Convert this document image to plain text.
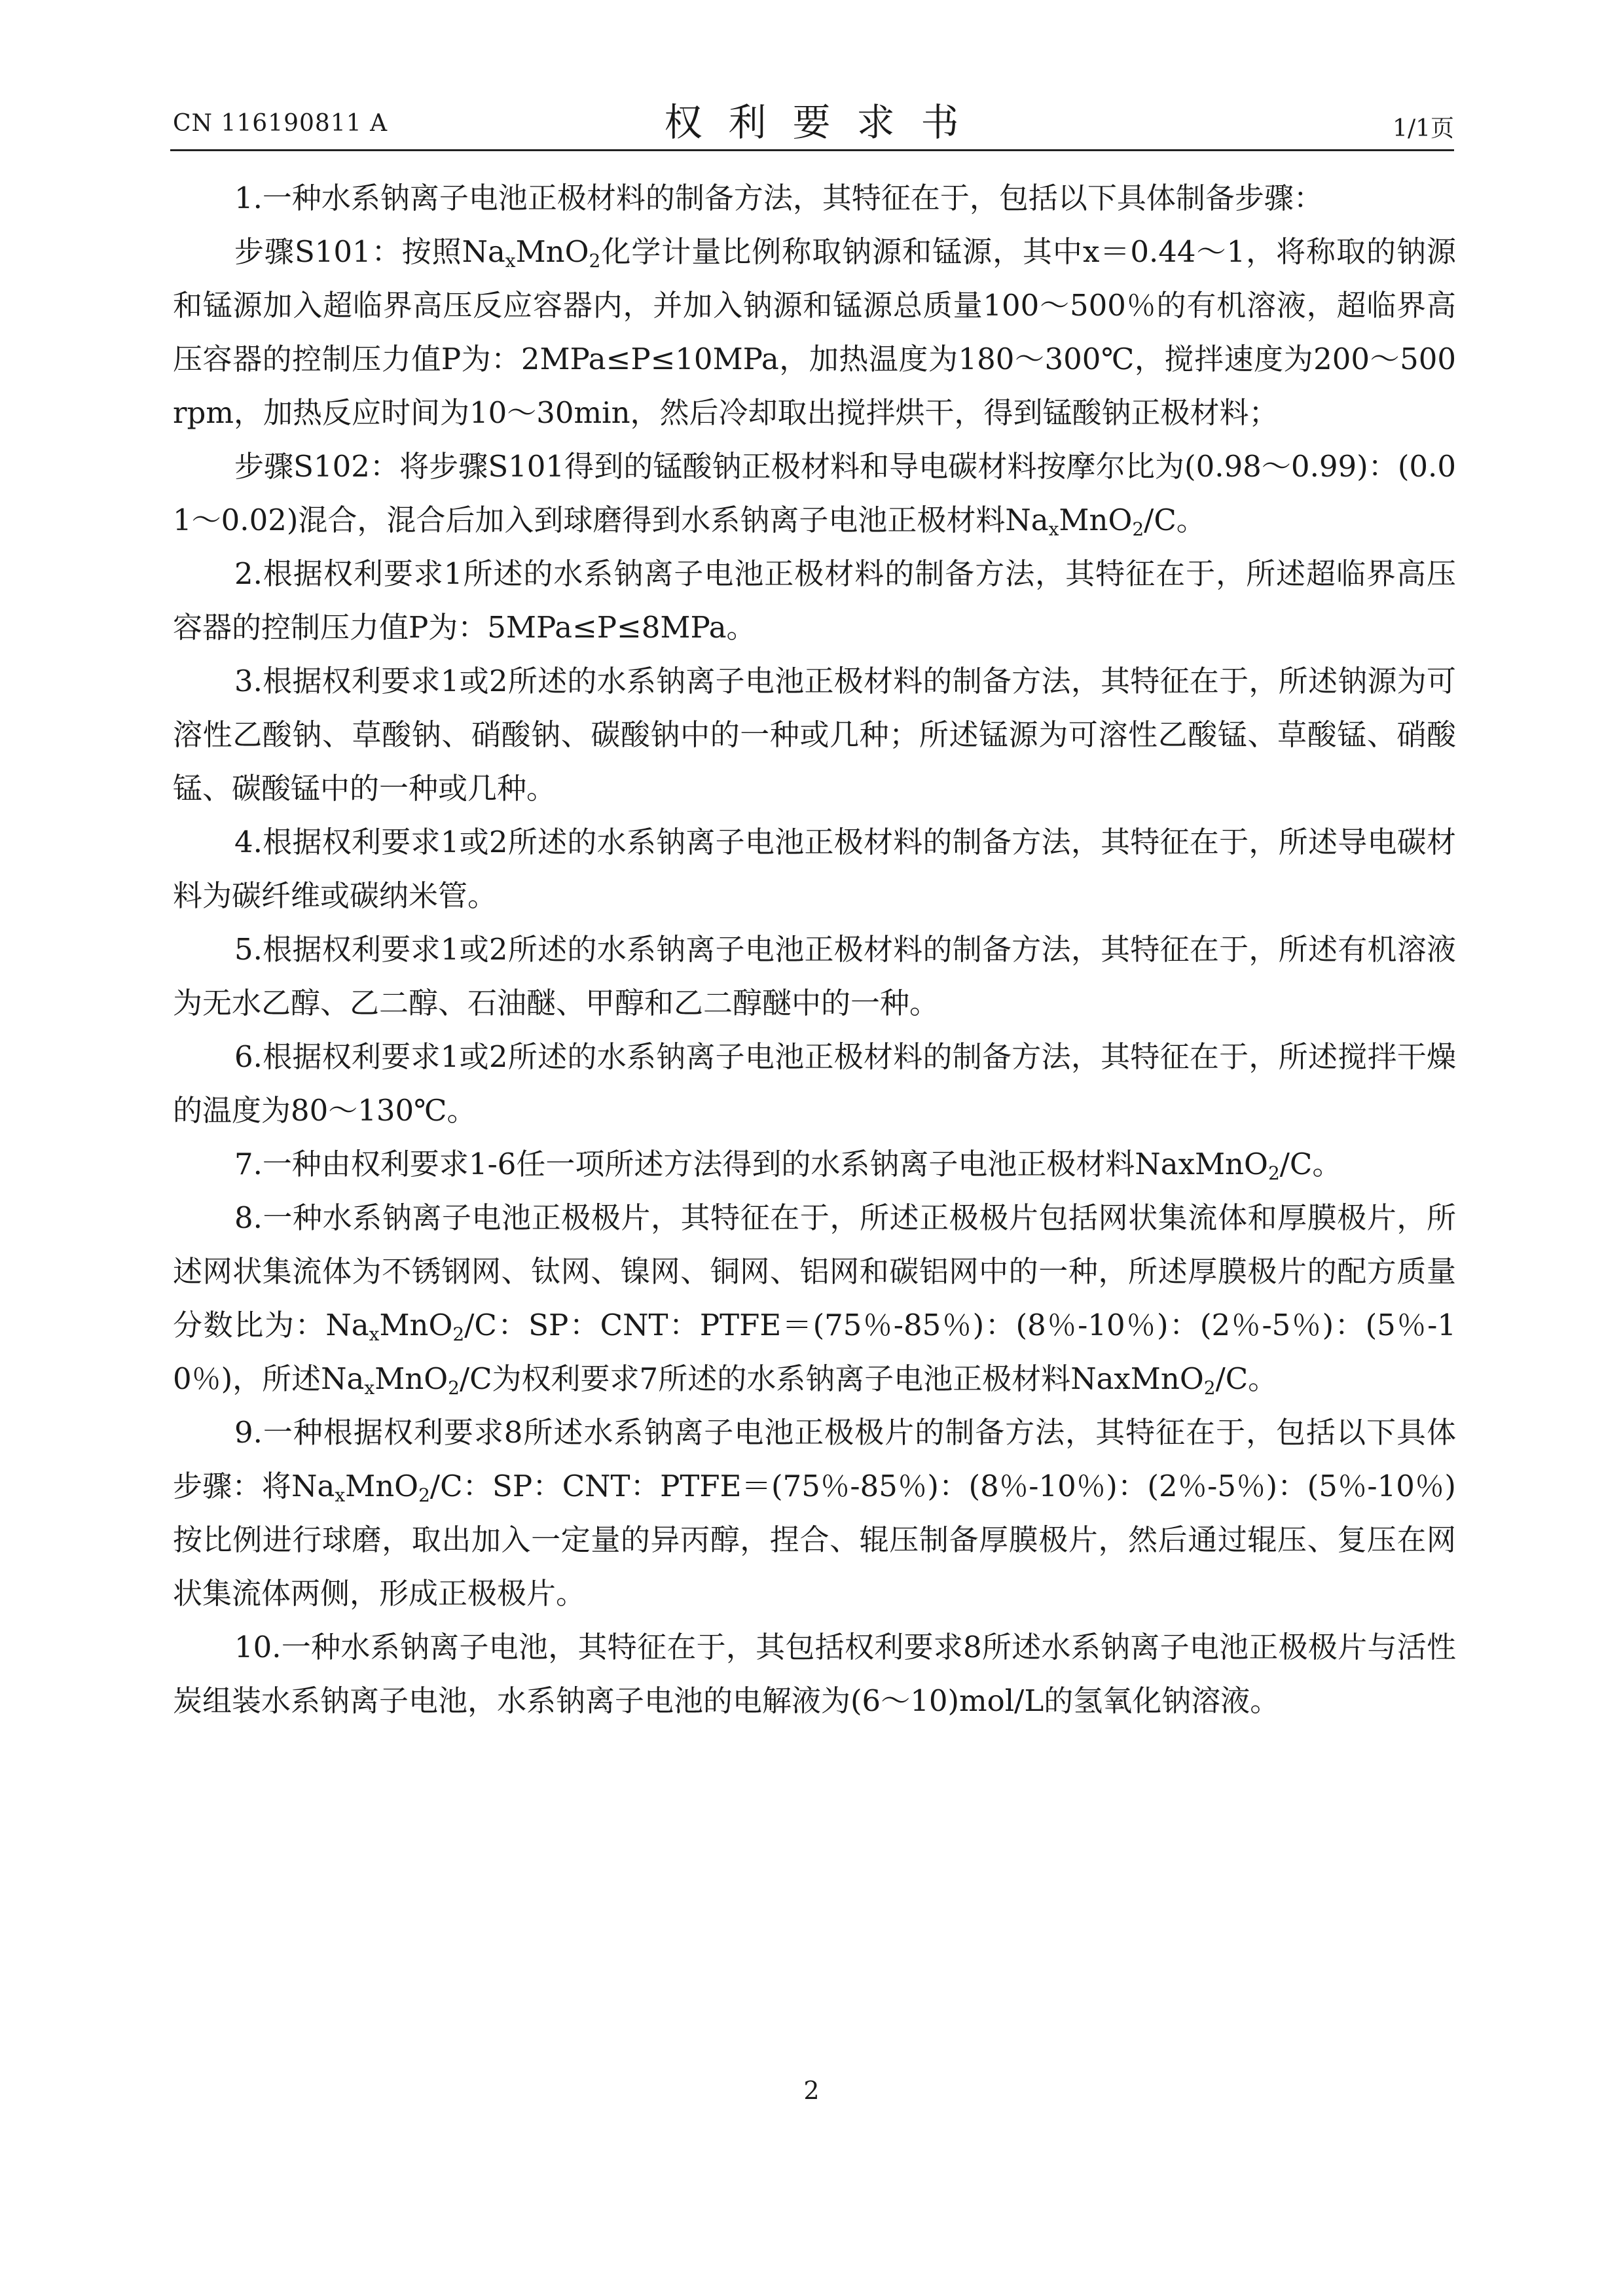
CN 116190811 A	权利要求书	1/1页

1.一种水系钠离子电池正极材料的制备方法，其特征在于，包括以下具体制备步骤：

步骤S101：按照$Na_xMnO_2$化学计量比例称取钠源和锰源，其中x＝0.44～1，将称取的钠源和锰源加入超临界高压反应容器内，并加入钠源和锰源总质量100～500％的有机溶液，超临界高压容器的控制压力值P为：2MPa≤P≤10MPa，加热温度为180～300℃，搅拌速度为200～500rpm，加热反应时间为10～30min，然后冷却取出搅拌烘干，得到锰酸钠正极材料；

步骤S102：将步骤S101得到的锰酸钠正极材料和导电碳材料按摩尔比为(0.98～0.99)：(0.01～0.02)混合，混合后加入到球磨得到水系钠离子电池正极材料$Na_xMnO_2/C$。

2.根据权利要求1所述的水系钠离子电池正极材料的制备方法，其特征在于，所述超临界高压容器的控制压力值P为：5MPa≤P≤8MPa。

3.根据权利要求1或2所述的水系钠离子电池正极材料的制备方法，其特征在于，所述钠源为可溶性乙酸钠、草酸钠、硝酸钠、碳酸钠中的一种或几种；所述锰源为可溶性乙酸锰、草酸锰、硝酸锰、碳酸锰中的一种或几种。

4.根据权利要求1或2所述的水系钠离子电池正极材料的制备方法，其特征在于，所述导电碳材料为碳纤维或碳纳米管。

5.根据权利要求1或2所述的水系钠离子电池正极材料的制备方法，其特征在于，所述有机溶液为无水乙醇、乙二醇、石油醚、甲醇和乙二醇醚中的一种。

6.根据权利要求1或2所述的水系钠离子电池正极材料的制备方法，其特征在于，所述搅拌干燥的温度为80～130℃。

7.一种由权利要求1-6任一项所述方法得到的水系钠离子电池正极材料NaxMnO$_2$/C。

8.一种水系钠离子电池正极极片，其特征在于，所述正极极片包括网状集流体和厚膜极片，所述网状集流体为不锈钢网、钛网、镍网、铜网、铝网和碳铝网中的一种，所述厚膜极片的配方质量分数比为：$Na_xMnO_2/C$：SP：CNT：PTFE＝(75％-85％)：(8％-10％)：(2％-5％)：(5％-10％)，所述$Na_xMnO_2/C$为权利要求7所述的水系钠离子电池正极材料NaxMnO$_2$/C。

9.一种根据权利要求8所述水系钠离子电池正极极片的制备方法，其特征在于，包括以下具体步骤：将$Na_xMnO_2/C$：SP：CNT：PTFE＝(75％-85％)：(8％-10％)：(2％-5％)：(5％-10％)按比例进行球磨，取出加入一定量的异丙醇，捏合、辊压制备厚膜极片，然后通过辊压、复压在网状集流体两侧，形成正极极片。

10.一种水系钠离子电池，其特征在于，其包括权利要求8所述水系钠离子电池正极极片与活性炭组装水系钠离子电池，水系钠离子电池的电解液为(6～10)mol/L的氢氧化钠溶液。

2
